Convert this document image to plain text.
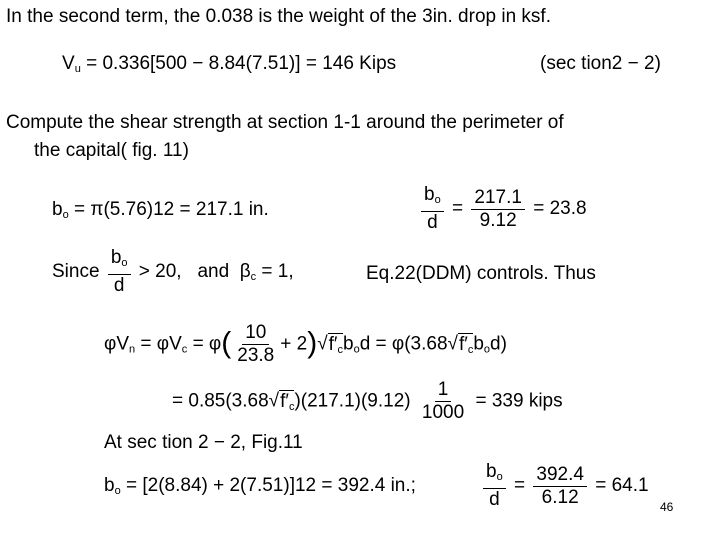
In the second term, the 0.038 is the weight of the 3in. drop in ksf.
$V_u = 0.336[500 - 8.84(7.51)] = 146$ Kips	(sec tion2 − 2)
Compute the shear strength at section 1-1 around the perimeter of
the capital( fig. 11)
$b_o = \pi(5.76)12 = 217.1$ in.	$\frac{b_o}{d} = \frac{217.1}{9.12} = 23.8$
Since $\frac{b_o}{d} > 20$, and $\beta_c = 1$,	Eq.22(DDM) controls. Thus
$\varphi V_n = \varphi V_c = \varphi( \frac{10}{23.8} + 2)√f'_cb_od = \varphi(3.68√f'_cb_od)$
= $0.85(3.68√f'_c)(217.1)(9.12) \frac{1}{1000} = 339$ kips
At sec tion 2 − 2, Fig.11
$b_o = [2(8.84) + 2(7.51)]12 = 392.4$ in.;	$\frac{b_o}{d} = \frac{392.4}{6.12} = 64.1$
46
